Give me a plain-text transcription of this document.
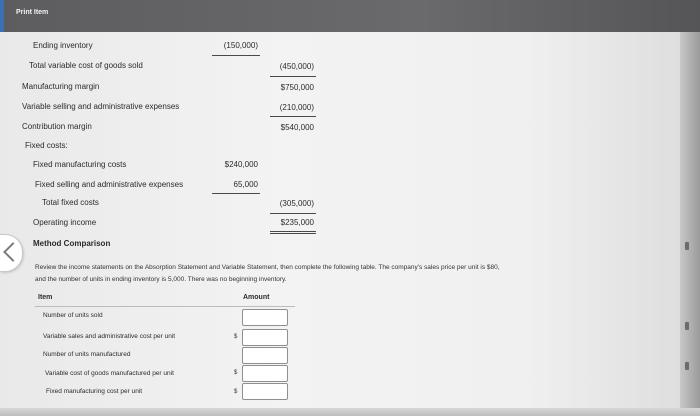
Print Item
Ending inventory	(150,000)
Total variable cost of goods sold	(450,000)
Manufacturing margin	$750,000
Variable selling and administrative expenses	(210,000)
Contribution margin	$540,000
Fixed costs:
Fixed manufacturing costs	$240,000
Fixed selling and administrative expenses	65,000
Total fixed costs	(305,000)
Operating income	$235,000
Method Comparison
Review the income statements on the Absorption Statement and Variable Statement, then complete the following table. The company's sales price per unit is $80,
and the number of units in ending inventory is 5,000. There was no beginning inventory.
Item	Amount
Number of units sold
Variable sales and administrative cost per unit	$
Number of units manufactured
Variable cost of goods manufactured per unit	$
Fixed manufacturing cost per unit	$
